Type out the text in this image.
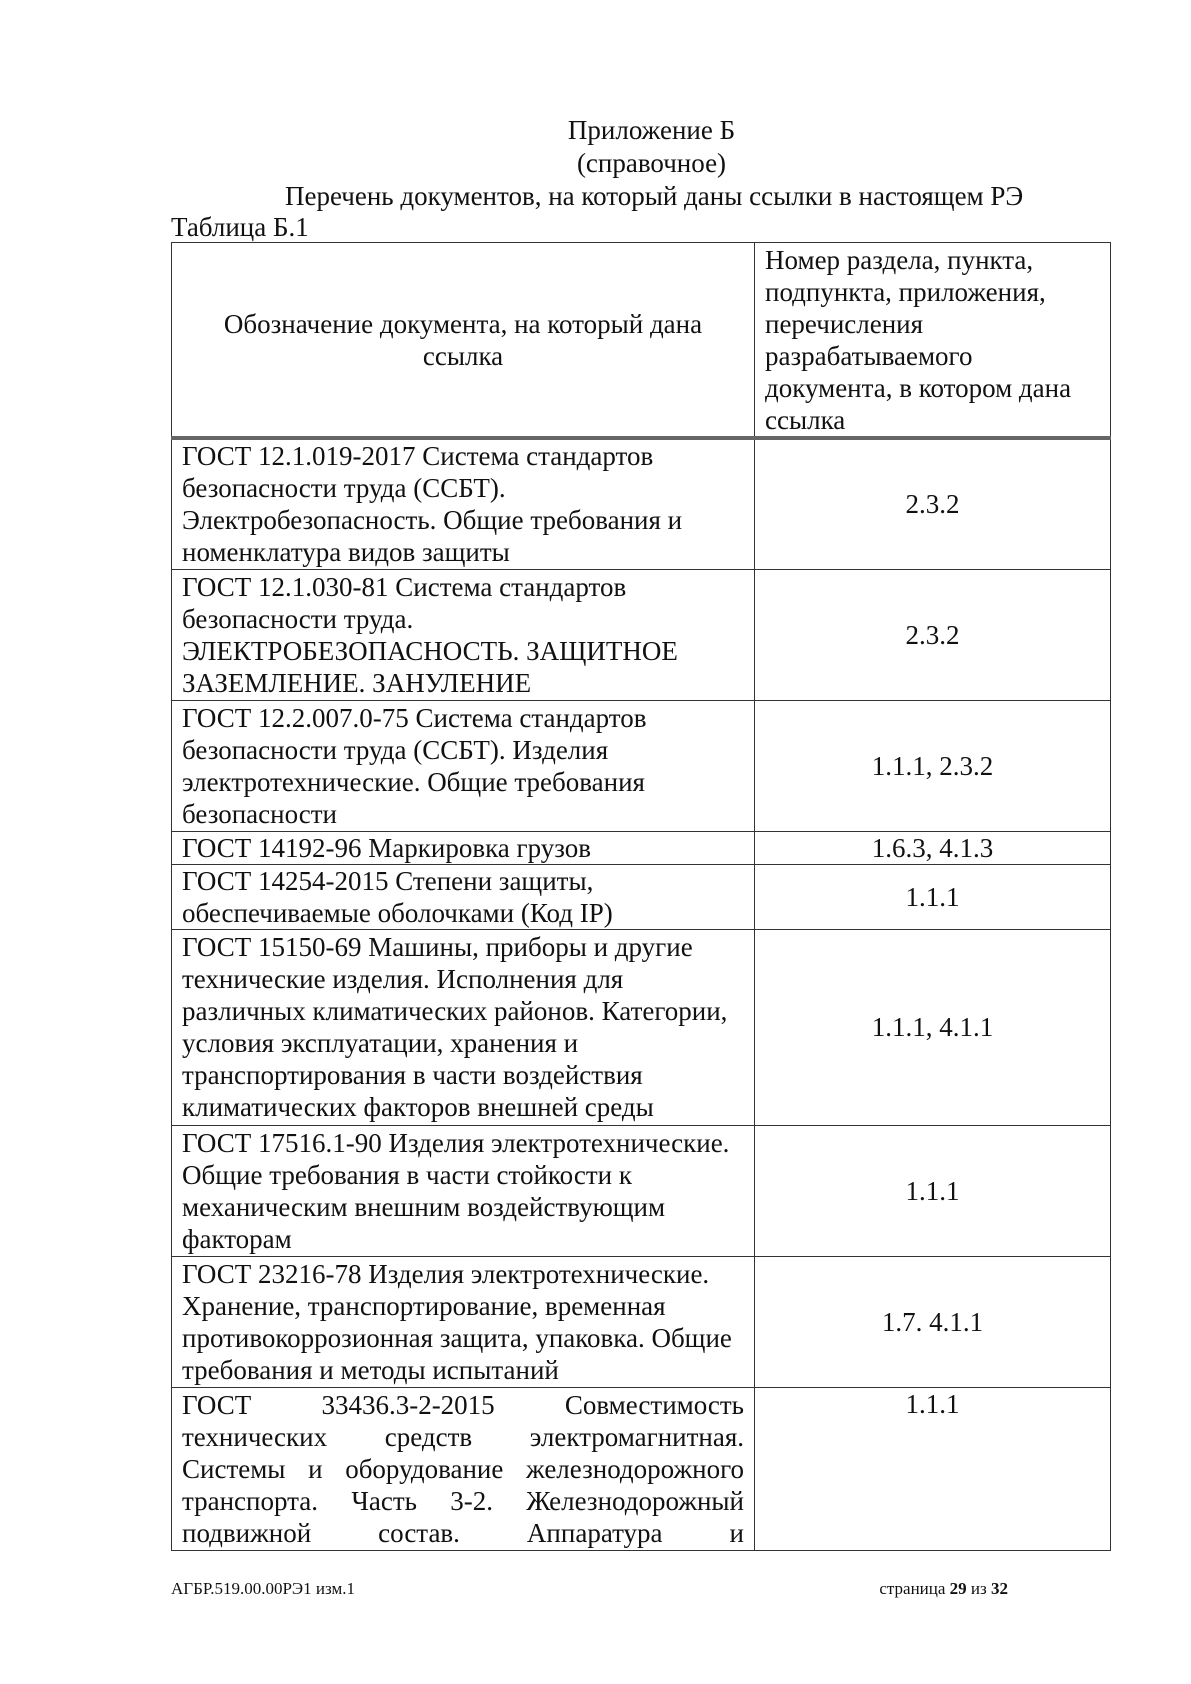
Приложение Б
(справочное)
Перечень документов, на который даны ссылки в настоящем РЭ
Таблица Б.1
Обозначение документа, на который дана ссылка	Номер раздела, пункта, подпункта, приложения, перечисления разрабатываемого документа, в котором дана ссылка
ГОСТ 12.1.019-2017 Система стандартов безопасности труда (ССБТ). Электробезопасность. Общие требования и номенклатура видов защиты	2.3.2
ГОСТ 12.1.030-81 Система стандартов безопасности труда. ЭЛЕКТРОБЕЗОПАСНОСТЬ. ЗАЩИТНОЕ ЗАЗЕМЛЕНИЕ. ЗАНУЛЕНИЕ	2.3.2
ГОСТ 12.2.007.0-75 Система стандартов безопасности труда (ССБТ). Изделия электротехнические. Общие требования безопасности	1.1.1, 2.3.2
ГОСТ 14192-96 Маркировка грузов	1.6.3, 4.1.3
ГОСТ 14254-2015 Степени защиты, обеспечиваемые оболочками (Код IP)	1.1.1
ГОСТ 15150-69 Машины, приборы и другие технические изделия. Исполнения для различных климатических районов. Категории, условия эксплуатации, хранения и транспортирования в части воздействия климатических факторов внешней среды	1.1.1, 4.1.1
ГОСТ 17516.1-90 Изделия электротехнические. Общие требования в части стойкости к механическим внешним воздействующим факторам	1.1.1
ГОСТ 23216-78 Изделия электротехнические. Хранение, транспортирование, временная противокоррозионная защита, упаковка. Общие требования и методы испытаний	1.7. 4.1.1
ГОСТ 33436.3-2-2015 Совместимость технических средств электромагнитная. Системы и оборудование железнодорожного транспорта. Часть 3-2. Железнодорожный подвижной состав. Аппаратура и	1.1.1
АГБР.519.00.00РЭ1 изм.1	страница 29 из 32
